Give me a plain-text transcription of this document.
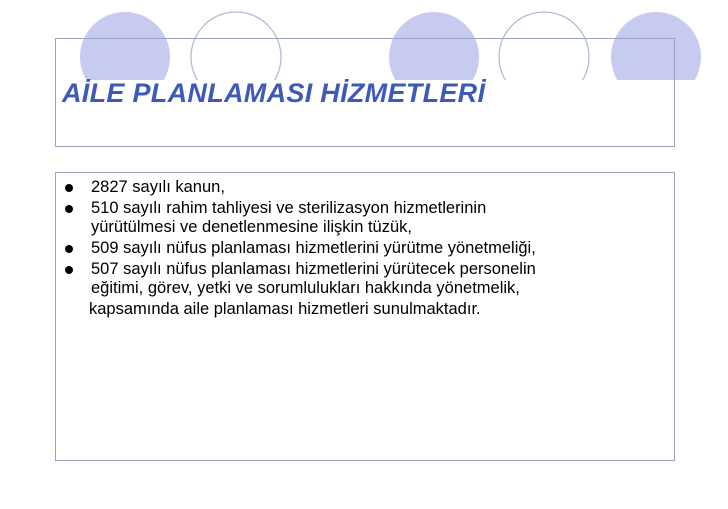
AİLE PLANLAMASI HİZMETLERİ
2827 sayılı kanun,
510 sayılı rahim tahliyesi ve sterilizasyon hizmetlerinin
yürütülmesi ve denetlenmesine ilişkin tüzük,
509 sayılı nüfus planlaması hizmetlerini yürütme yönetmeliği,
507 sayılı nüfus planlaması hizmetlerini yürütecek personelin
eğitimi, görev, yetki ve sorumlulukları hakkında yönetmelik,
kapsamında aile planlaması hizmetleri sunulmaktadır.
